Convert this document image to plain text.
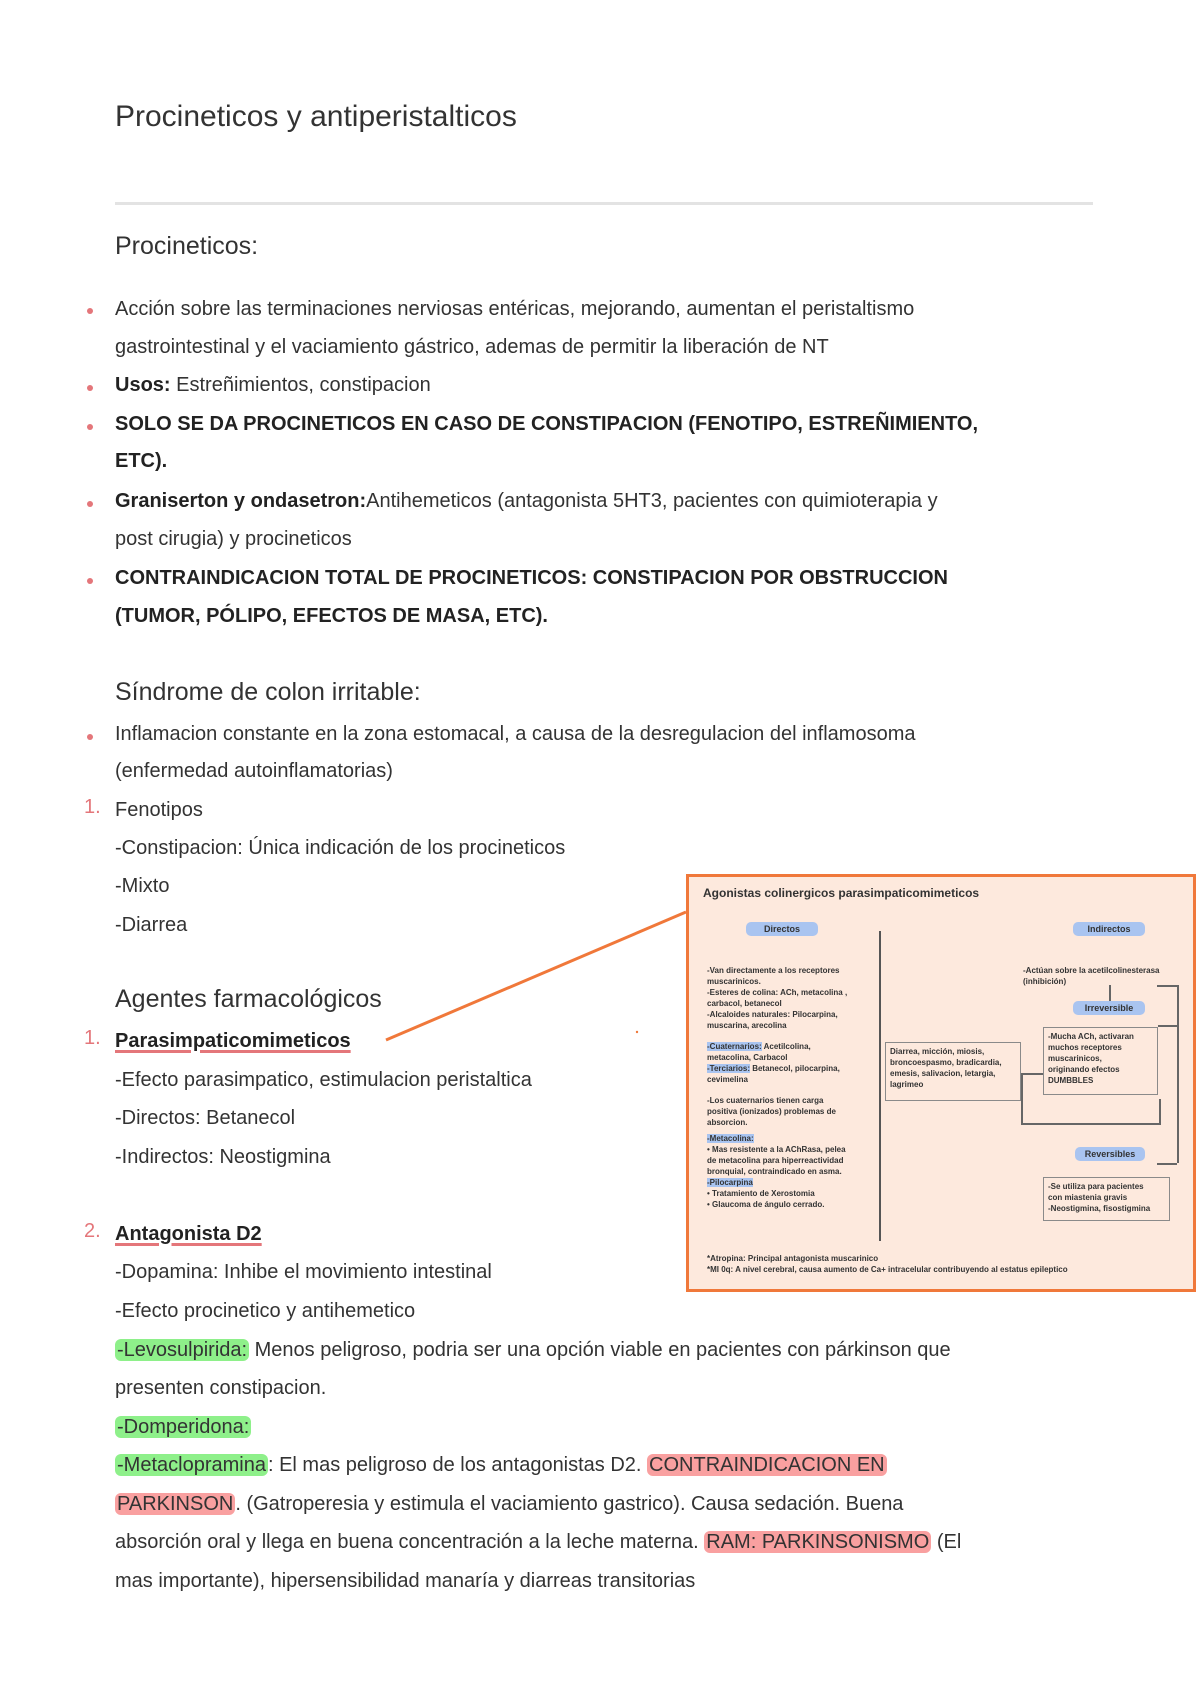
Procineticos y antiperistalticos
Procineticos:
Acción sobre las terminaciones nerviosas entéricas, mejorando, aumentan el peristaltismo
gastrointestinal y el vaciamiento gástrico, ademas de permitir la liberación de NT
Usos: Estreñimientos, constipacion
SOLO SE DA PROCINETICOS EN CASO DE CONSTIPACION (FENOTIPO, ESTREÑIMIENTO,
ETC).
Graniserton y ondasetron:Antihemeticos (antagonista 5HT3, pacientes con quimioterapia y
post cirugia) y procineticos
CONTRAINDICACION TOTAL DE PROCINETICOS: CONSTIPACION POR OBSTRUCCION
(TUMOR, PÓLIPO, EFECTOS DE MASA, ETC).
Síndrome de colon irritable:
Inflamacion constante en la zona estomacal, a causa de la desregulacion del inflamosoma
(enfermedad autoinflamatorias)
1. Fenotipos
-Constipacion: Única indicación de los procineticos
-Mixto
-Diarrea
Agentes farmacológicos
1. Parasimpaticomimeticos
-Efecto parasimpatico, estimulacion peristaltica
-Directos: Betanecol
-Indirectos: Neostigmina
2. Antagonista D2
-Dopamina: Inhibe el movimiento intestinal
-Efecto procinetico y antihemetico
-Levosulpirida: Menos peligroso, podria ser una opción viable en pacientes con párkinson que
presenten constipacion.
-Domperidona:
-Metaclopramina : El mas peligroso de los antagonistas D2. CONTRAINDICACION EN
PARKINSON . (Gatroperesia y estimula el vaciamiento gastrico). Causa sedación. Buena
absorción oral y llega en buena concentración a la leche materna. RAM: PARKINSONISMO (El
mas importante), hipersensibilidad manaría y diarreas transitorias
Agonistas colinergicos parasimpaticomimeticos
Directos	Indirectos
-Van directamente a los receptores
muscarinicos.
-Esteres de colina: ACh, metacolina ,
carbacol, betanecol
-Alcaloides naturales: Pilocarpina,
muscarina, arecolina
-Cuaternarios: Acetilcolina,
metacolina, Carbacol
-Terciarios: Betanecol, pilocarpina,
cevimelina
-Los cuaternarios tienen carga
positiva (ionizados) problemas de
absorcion.
-Metacolina:
• Mas resistente a la AChRasa, pelea
de metacolina para hiperreactividad
bronquial, contraindicado en asma.
-Pilocarpina
• Tratamiento de Xerostomia
• Glaucoma de ángulo cerrado.
Diarrea, micción, miosis,
broncoespasmo, bradicardia,
emesis, salivacion, letargia,
lagrimeo
-Actúan sobre la acetilcolinesterasa
(inhibición)
Irreversible
-Mucha ACh, activaran
muchos receptores
muscarinicos,
originando efectos
DUMBBLES
Reversibles
-Se utiliza para pacientes
con miastenia gravis
-Neostigmina, fisostigmina
*Atropina: Principal antagonista muscarinico
*MI 0q: A nivel cerebral, causa aumento de Ca+ intracelular contribuyendo al estatus epileptico
